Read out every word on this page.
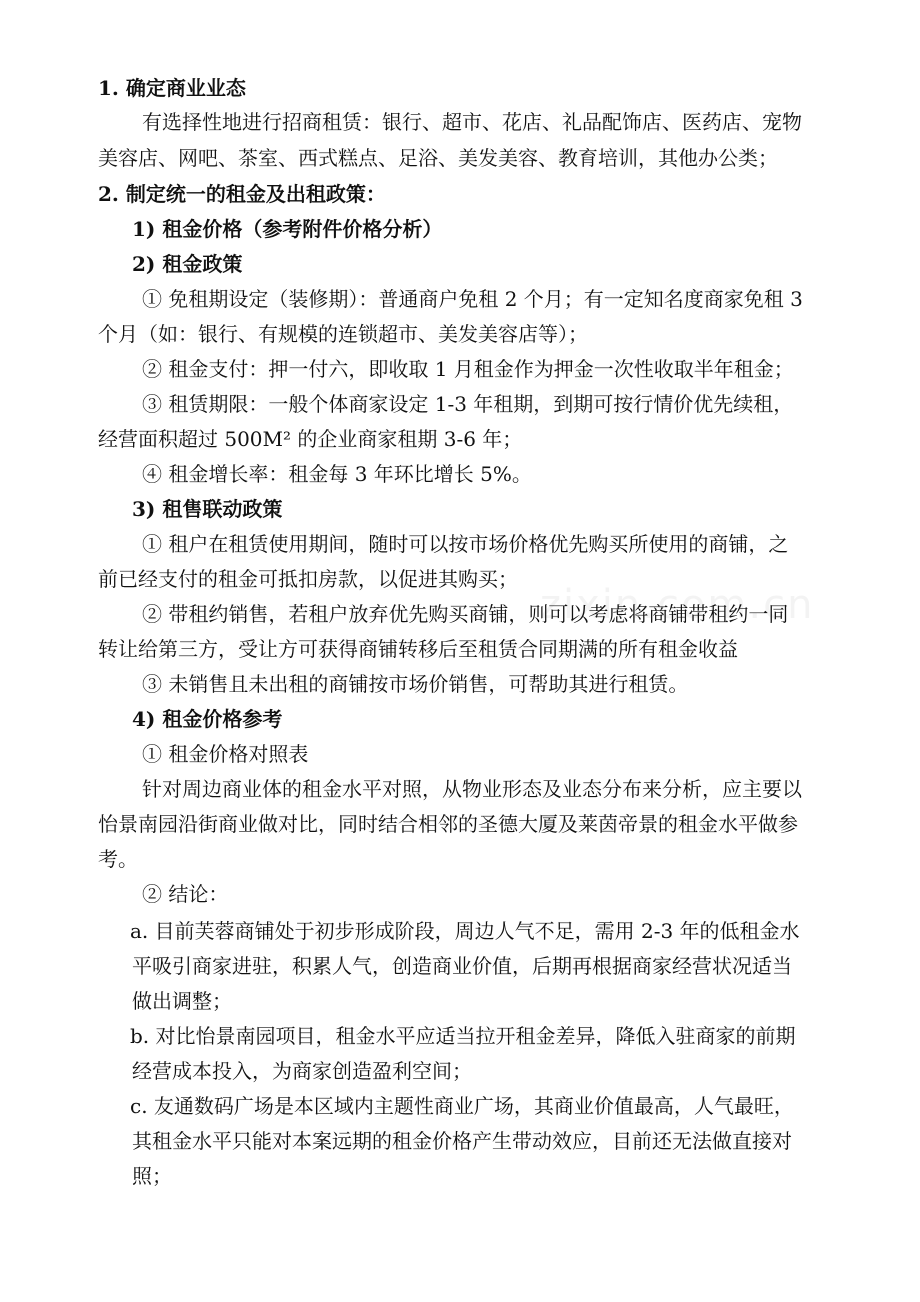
1. 确定商业业态
有选择性地进行招商租赁：银行、超市、花店、礼品配饰店、医药店、宠物
美容店、网吧、茶室、西式糕点、足浴、美发美容、教育培训，其他办公类；
2. 制定统一的租金及出租政策：
1) 租金价格（参考附件价格分析）
2) 租金政策
① 免租期设定（装修期）：普通商户免租 2 个月；有一定知名度商家免租 3
个月（如：银行、有规模的连锁超市、美发美容店等）；
② 租金支付：押一付六，即收取 1 月租金作为押金一次性收取半年租金；
③ 租赁期限：一般个体商家设定 1-3 年租期，到期可按行情价优先续租，
经营面积超过 500M² 的企业商家租期 3-6 年；
④ 租金增长率：租金每 3 年环比增长 5%。
3) 租售联动政策
① 租户在租赁使用期间，随时可以按市场价格优先购买所使用的商铺，之
前已经支付的租金可抵扣房款，以促进其购买；
② 带租约销售，若租户放弃优先购买商铺，则可以考虑将商铺带租约一同
转让给第三方，受让方可获得商铺转移后至租赁合同期满的所有租金收益
③ 未销售且未出租的商铺按市场价销售，可帮助其进行租赁。
4) 租金价格参考
① 租金价格对照表
针对周边商业体的租金水平对照，从物业形态及业态分布来分析，应主要以
怡景南园沿街商业做对比，同时结合相邻的圣德大厦及莱茵帝景的租金水平做参
考。
② 结论：
a. 目前芙蓉商铺处于初步形成阶段，周边人气不足，需用 2-3 年的低租金水
平吸引商家进驻，积累人气，创造商业价值，后期再根据商家经营状况适当
做出调整；
b. 对比怡景南园项目，租金水平应适当拉开租金差异，降低入驻商家的前期
经营成本投入，为商家创造盈利空间；
c. 友通数码广场是本区域内主题性商业广场，其商业价值最高，人气最旺，
其租金水平只能对本案远期的租金价格产生带动效应，目前还无法做直接对
照；
